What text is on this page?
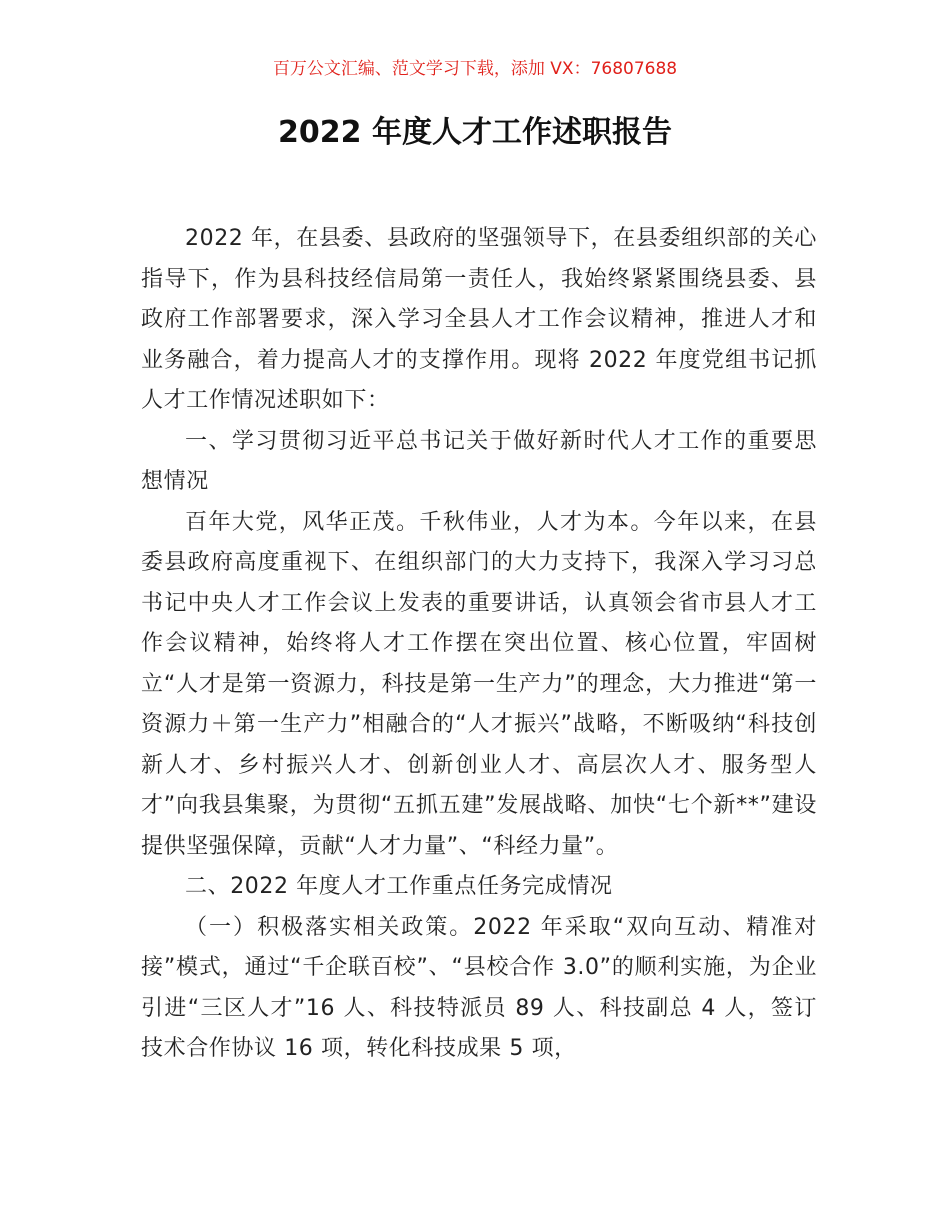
百万公文汇编、范文学习下载，添加 VX：76807688
2022 年度人才工作述职报告

2022 年，在县委、县政府的坚强领导下，在县委组织部的关心指导下，作为县科技经信局第一责任人，我始终紧紧围绕县委、县政府工作部署要求，深入学习全县人才工作会议精神，推进人才和业务融合，着力提高人才的支撑作用。现将 2022 年度党组书记抓人才工作情况述职如下：

一、学习贯彻习近平总书记关于做好新时代人才工作的重要思想情况

百年大党，风华正茂。千秋伟业，人才为本。今年以来，在县委县政府高度重视下、在组织部门的大力支持下，我深入学习习总书记中央人才工作会议上发表的重要讲话，认真领会省市县人才工作会议精神，始终将人才工作摆在突出位置、核心位置，牢固树立“人才是第一资源力，科技是第一生产力”的理念，大力推进“第一资源力＋第一生产力”相融合的“人才振兴”战略，不断吸纳“科技创新人才、乡村振兴人才、创新创业人才、高层次人才、服务型人才”向我县集聚，为贯彻“五抓五建”发展战略、加快“七个新**”建设提供坚强保障，贡献“人才力量”、“科经力量”。

二、2022 年度人才工作重点任务完成情况

（一）积极落实相关政策。2022 年采取“双向互动、精准对接”模式，通过“千企联百校”、“县校合作 3.0”的顺利实施，为企业引进“三区人才”16 人、科技特派员 89 人、科技副总 4 人，签订技术合作协议 16 项，转化科技成果 5 项，
